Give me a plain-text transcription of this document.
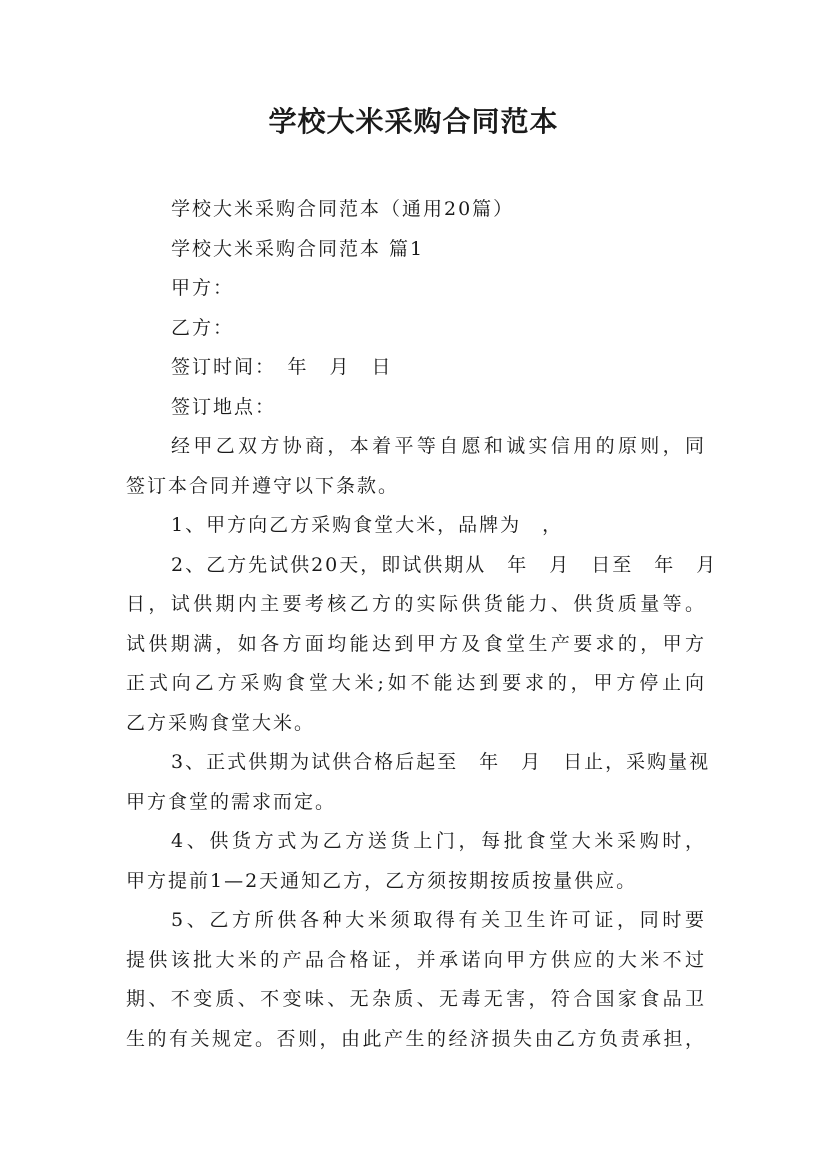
学校大米采购合同范本

学校大米采购合同范本（通用20篇）

学校大米采购合同范本 篇1

甲方：

乙方：

签订时间：　年　月　日

签订地点：

经甲乙双方协商，本着平等自愿和诚实信用的原则，同

签订本合同并遵守以下条款。

1、甲方向乙方采购食堂大米，品牌为　，

2、乙方先试供20天，即试供期从　年　月　日至　年　月

日，试供期内主要考核乙方的实际供货能力、供货质量等。

试供期满，如各方面均能达到甲方及食堂生产要求的，甲方

正式向乙方采购食堂大米;如不能达到要求的，甲方停止向

乙方采购食堂大米。

3、正式供期为试供合格后起至　年　月　日止，采购量视

甲方食堂的需求而定。

4、供货方式为乙方送货上门，每批食堂大米采购时，

甲方提前1—2天通知乙方，乙方须按期按质按量供应。

5、乙方所供各种大米须取得有关卫生许可证，同时要

提供该批大米的产品合格证，并承诺向甲方供应的大米不过

期、不变质、不变味、无杂质、无毒无害，符合国家食品卫

生的有关规定。否则，由此产生的经济损失由乙方负责承担，
